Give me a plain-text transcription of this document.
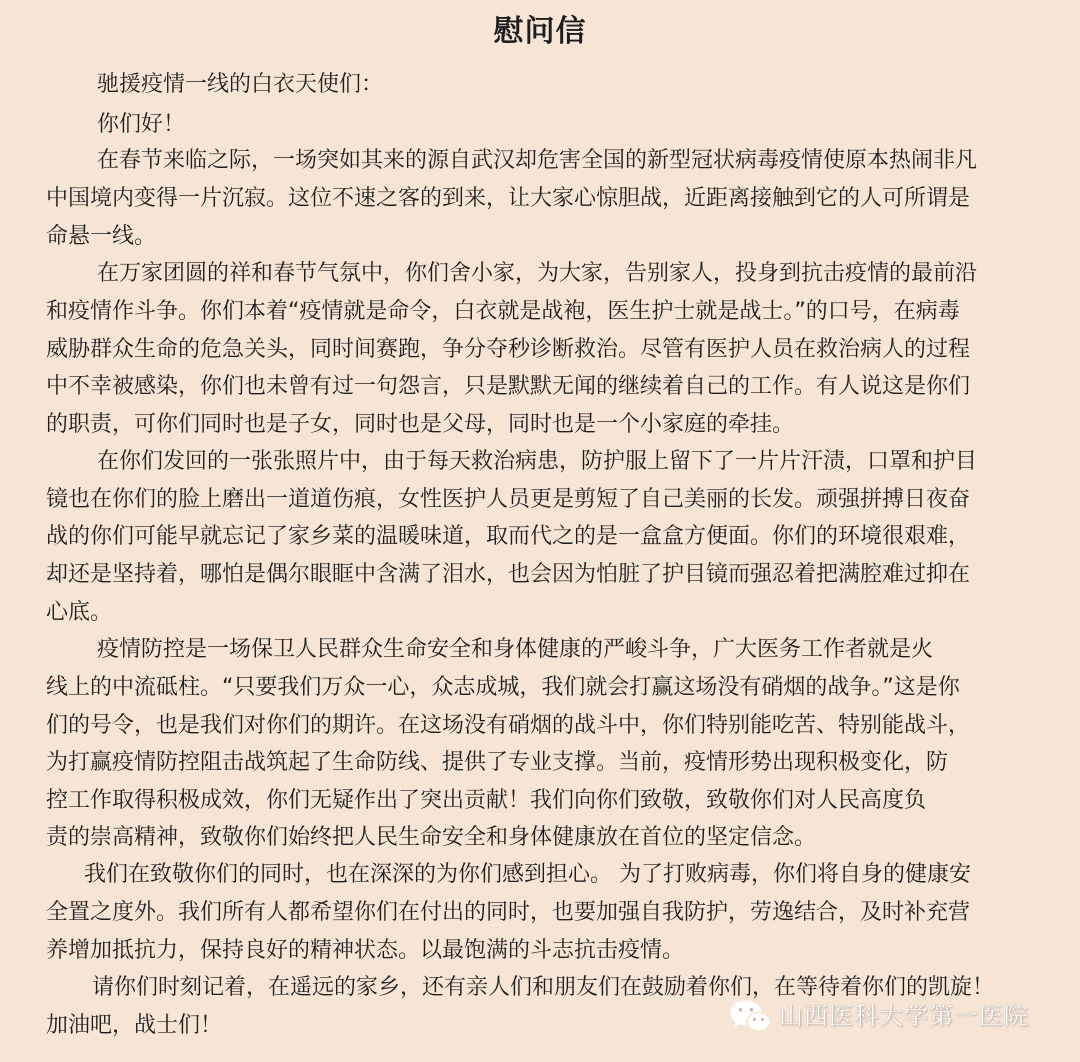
慰问信
驰援疫情一线的白衣天使们：
你们好！
在春节来临之际，一场突如其来的源自武汉却危害全国的新型冠状病毒疫情使原本热闹非凡
中国境内变得一片沉寂。这位不速之客的到来，让大家心惊胆战，近距离接触到它的人可所谓是
命悬一线。
在万家团圆的祥和春节气氛中，你们舍小家，为大家，告别家人，投身到抗击疫情的最前沿
和疫情作斗争。你们本着“疫情就是命令，白衣就是战袍，医生护士就是战士。”的口号，在病毒
威胁群众生命的危急关头，同时间赛跑，争分夺秒诊断救治。尽管有医护人员在救治病人的过程
中不幸被感染，你们也未曾有过一句怨言，只是默默无闻的继续着自己的工作。有人说这是你们
的职责，可你们同时也是子女，同时也是父母，同时也是一个小家庭的牵挂。
在你们发回的一张张照片中，由于每天救治病患，防护服上留下了一片片汗渍，口罩和护目
镜也在你们的脸上磨出一道道伤痕，女性医护人员更是剪短了自己美丽的长发。顽强拼搏日夜奋
战的你们可能早就忘记了家乡菜的温暖味道，取而代之的是一盒盒方便面。你们的环境很艰难，
却还是坚持着，哪怕是偶尔眼眶中含满了泪水，也会因为怕脏了护目镜而强忍着把满腔难过抑在
心底。
疫情防控是一场保卫人民群众生命安全和身体健康的严峻斗争，广大医务工作者就是火
线上的中流砥柱。“只要我们万众一心，众志成城，我们就会打赢这场没有硝烟的战争。”这是你
们的号令，也是我们对你们的期许。在这场没有硝烟的战斗中，你们特别能吃苦、特别能战斗，
为打赢疫情防控阻击战筑起了生命防线、提供了专业支撑。当前，疫情形势出现积极变化，防
控工作取得积极成效，你们无疑作出了突出贡献！我们向你们致敬，致敬你们对人民高度负
责的崇高精神，致敬你们始终把人民生命安全和身体健康放在首位的坚定信念。
我们在致敬你们的同时，也在深深的为你们感到担心。 为了打败病毒，你们将自身的健康安
全置之度外。我们所有人都希望你们在付出的同时，也要加强自我防护，劳逸结合，及时补充营
养增加抵抗力，保持良好的精神状态。以最饱满的斗志抗击疫情。
请你们时刻记着，在遥远的家乡，还有亲人们和朋友们在鼓励着你们，在等待着你们的凯旋！
加油吧，战士们！	山西医科大学第一医院
